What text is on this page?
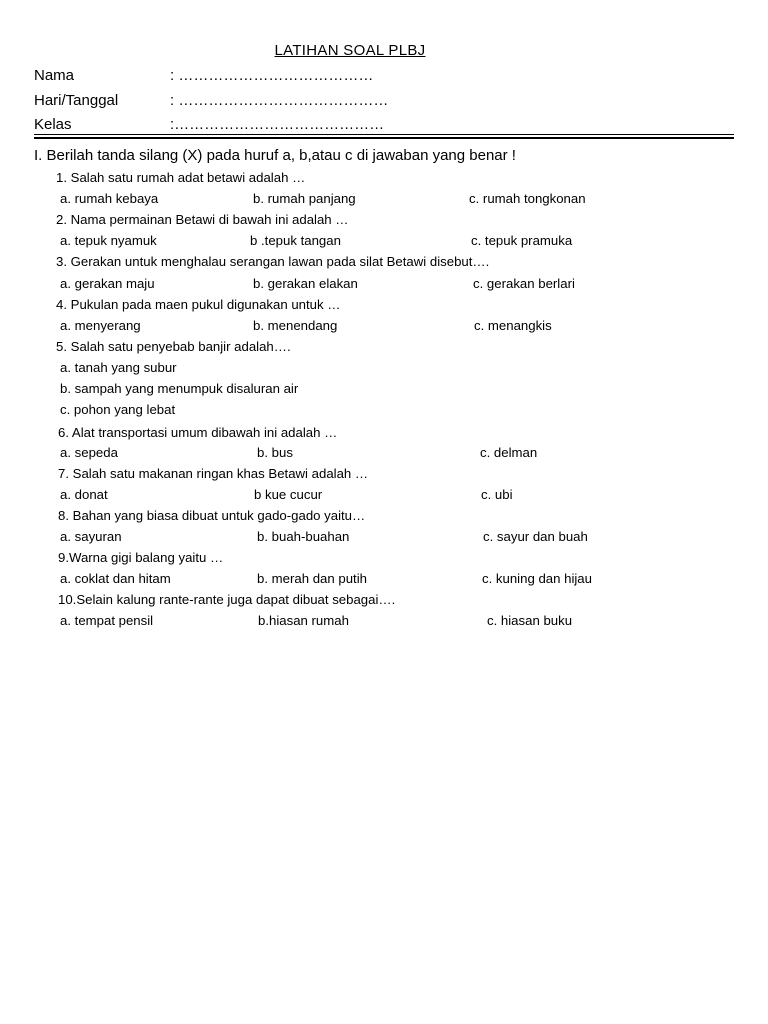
LATIHAN SOAL PLBJ
Nama	: …………………………………
Hari/Tanggal	: ……………………………………
Kelas	:……………………………………
I. Berilah tanda silang (X) pada huruf a, b,atau c di jawaban yang benar !
1. Salah satu rumah adat betawi adalah …
a. rumah kebaya	b. rumah panjang	c. rumah tongkonan
2. Nama permainan Betawi di bawah ini adalah …
a. tepuk nyamuk	b .tepuk tangan	c. tepuk pramuka
3. Gerakan untuk menghalau serangan lawan pada silat Betawi disebut….
a. gerakan maju	b. gerakan elakan	c. gerakan berlari
4. Pukulan pada maen pukul digunakan untuk …
a. menyerang	b. menendang	c. menangkis
5. Salah satu penyebab banjir adalah….
a. tanah yang subur
b. sampah yang menumpuk disaluran air
c. pohon yang lebat
6. Alat transportasi umum dibawah ini adalah …
a. sepeda	b. bus	c. delman
7. Salah satu makanan ringan khas Betawi adalah …
a. donat	b kue cucur	c. ubi
8. Bahan yang biasa dibuat untuk gado-gado yaitu…
a. sayuran	b. buah-buahan	c. sayur dan buah
9.Warna gigi balang yaitu …
a. coklat dan hitam	b. merah dan putih	c. kuning dan hijau
10.Selain kalung rante-rante juga dapat dibuat sebagai….
a. tempat pensil	b.hiasan rumah	c. hiasan buku
